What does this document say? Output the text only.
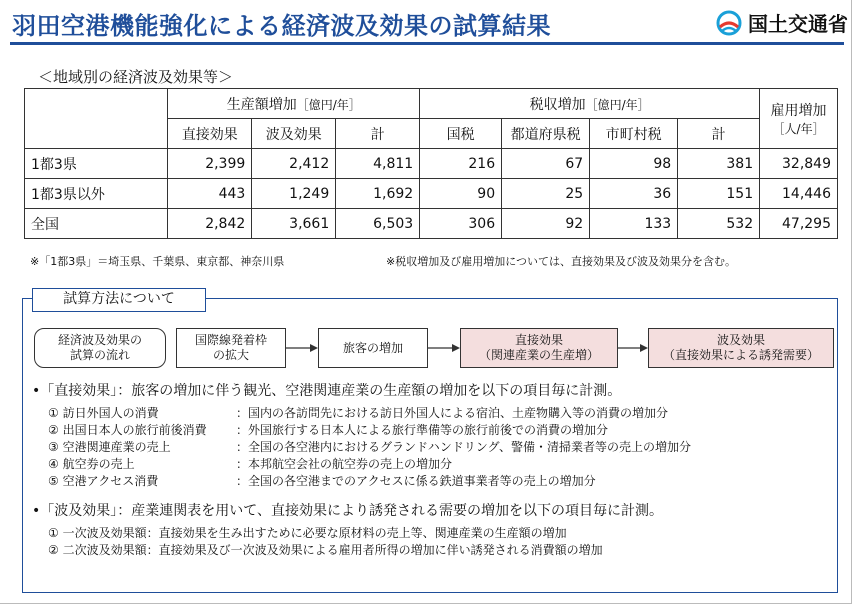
羽田空港機能強化による経済波及効果の試算結果	国土交通省
＜地域別の経済波及効果等＞
	生産額増加［億円/年］			税収増加［億円/年］				雇用増加
［人/年］

	直接効果	波及効果	計	国税	都道府県税	市町村税	計	
1都3県	2,399	2,412	4,811	216	67	98	381	32,849
1都3県以外	443	1,249	1,692	90	25	36	151	14,446
全国	2,842	3,661	6,503	306	92	133	532	47,295
※「1都3県」＝埼玉県、千葉県、東京都、神奈川県	※税収増加及び雇用増加については、直接効果及び波及効果分を含む。
試算方法について
経済波及効果の
試算の流れ
国際線発着枠
の拡大
旅客の増加
直接効果
（関連産業の生産増）
波及効果
（直接効果による誘発需要）
•「直接効果」：旅客の増加に伴う観光、空港関連産業の生産額の増加を以下の項目毎に計測。
① 訪日外国人の消費	：国内の各訪問先における訪日外国人による宿泊、土産物購入等の消費の増加分
② 出国日本人の旅行前後消費 ：外国旅行する日本人による旅行準備等の旅行前後での消費の増加分
③ 空港関連産業の売上	：全国の各空港内におけるグランドハンドリング、警備・清掃業者等の売上の増加分
④ 航空券の売上	：本邦航空会社の航空券の売上の増加分
⑤ 空港アクセス消費	：全国の各空港までのアクセスに係る鉄道事業者等の売上の増加分
•「波及効果」：産業連関表を用いて、直接効果により誘発される需要の増加を以下の項目毎に計測。
① 一次波及効果額：直接効果を生み出すために必要な原材料の売上等、関連産業の生産額の増加
② 二次波及効果額：直接効果及び一次波及効果による雇用者所得の増加に伴い誘発される消費額の増加
